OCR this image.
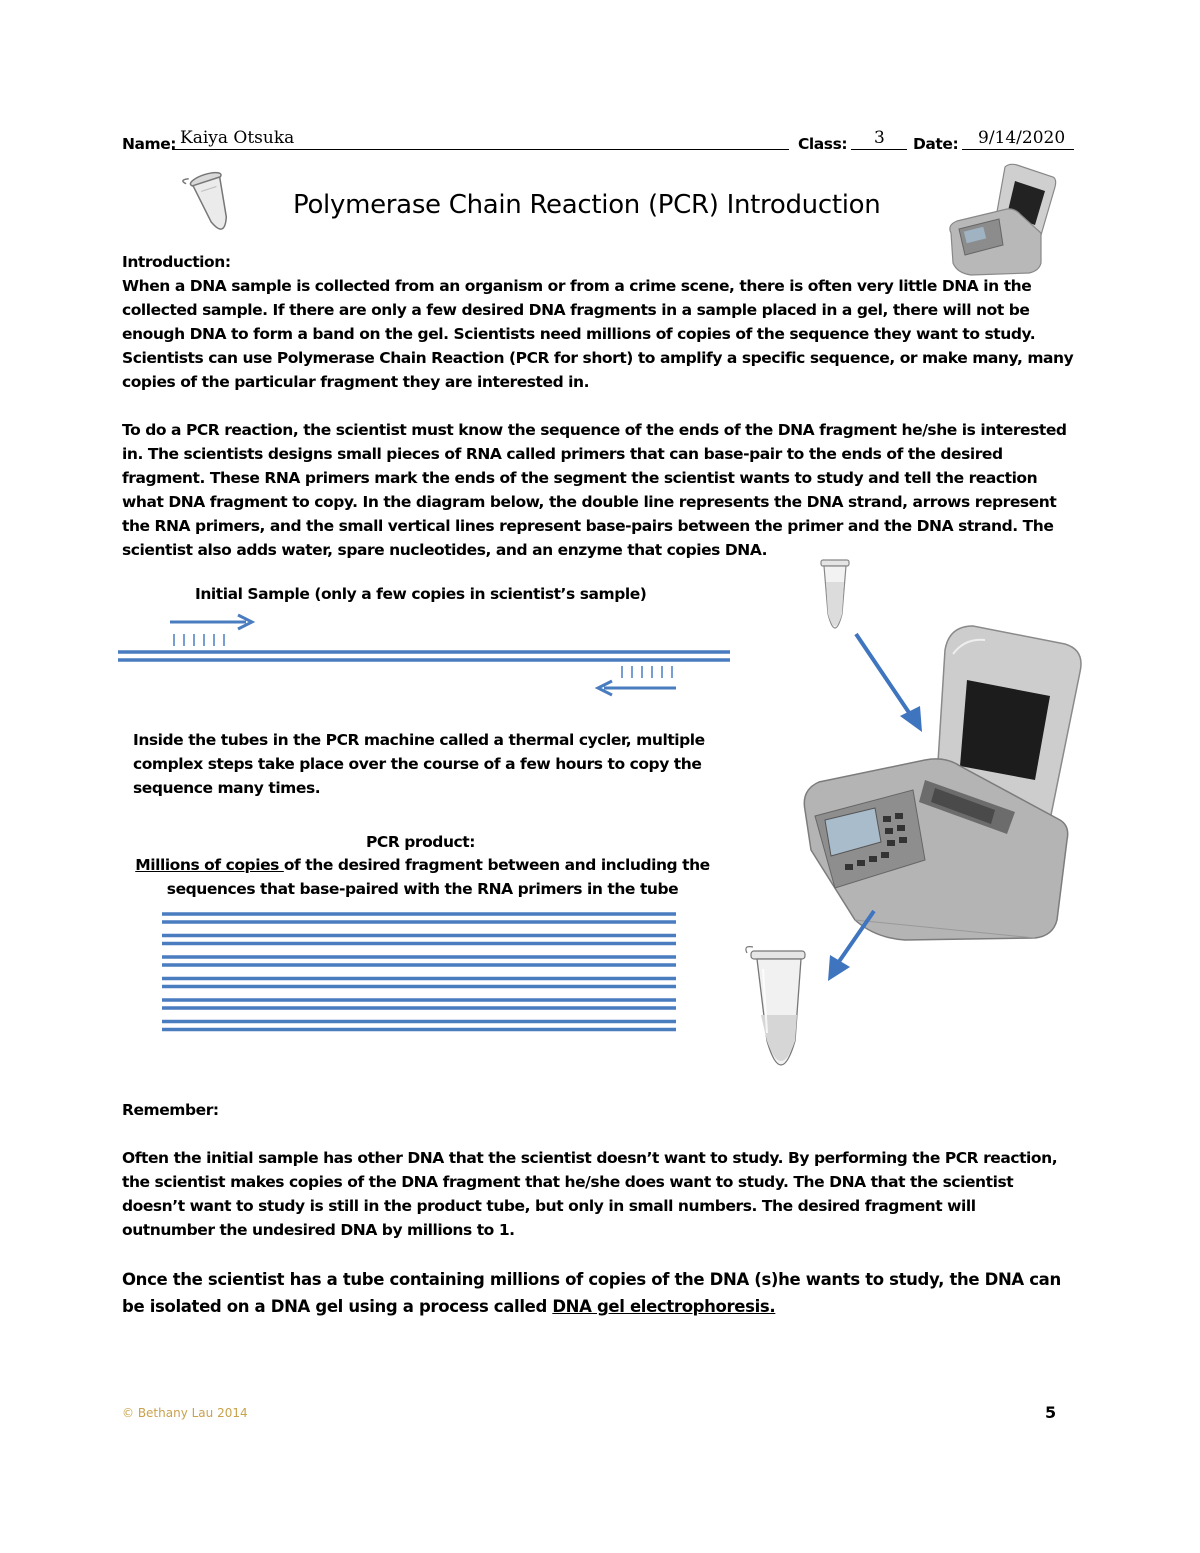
Name: Kaiya Otsuka	Class: 3 Date: 9/14/2020
Polymerase Chain Reaction (PCR) Introduction
Introduction:

When a DNA sample is collected from an organism or from a crime scene, there is often very little DNA in the collected sample. If there are only a few desired DNA fragments in a sample placed in a gel, there will not be enough DNA to form a band on the gel. Scientists need millions of copies of the sequence they want to study. Scientists can use Polymerase Chain Reaction (PCR for short) to amplify a specific sequence, or make many, many copies of the particular fragment they are interested in.

To do a PCR reaction, the scientist must know the sequence of the ends of the DNA fragment he/she is interested in. The scientists designs small pieces of RNA called primers that can base-pair to the ends of the desired fragment. These RNA primers mark the ends of the segment the scientist wants to study and tell the reaction what DNA fragment to copy. In the diagram below, the double line represents the DNA strand, arrows represent the RNA primers, and the small vertical lines represent base-pairs between the primer and the DNA strand. The scientist also adds water, spare nucleotides, and an enzyme that copies DNA.

Initial Sample (only a few copies in scientist’s sample)

Inside the tubes in the PCR machine called a thermal cycler, multiple complex steps take place over the course of a few hours to copy the sequence many times.

PCR product:

Millions of copies of the desired fragment between and including the sequences that base-paired with the RNA primers in the tube

Remember:

Often the initial sample has other DNA that the scientist doesn’t want to study. By performing the PCR reaction, the scientist makes copies of the DNA fragment that he/she does want to study. The DNA that the scientist doesn’t want to study is still in the product tube, but only in small numbers. The desired fragment will outnumber the undesired DNA by millions to 1.

Once the scientist has a tube containing millions of copies of the DNA (s)he wants to study, the DNA can be isolated on a DNA gel using a process called DNA gel electrophoresis.

© Bethany Lau 2014	5
